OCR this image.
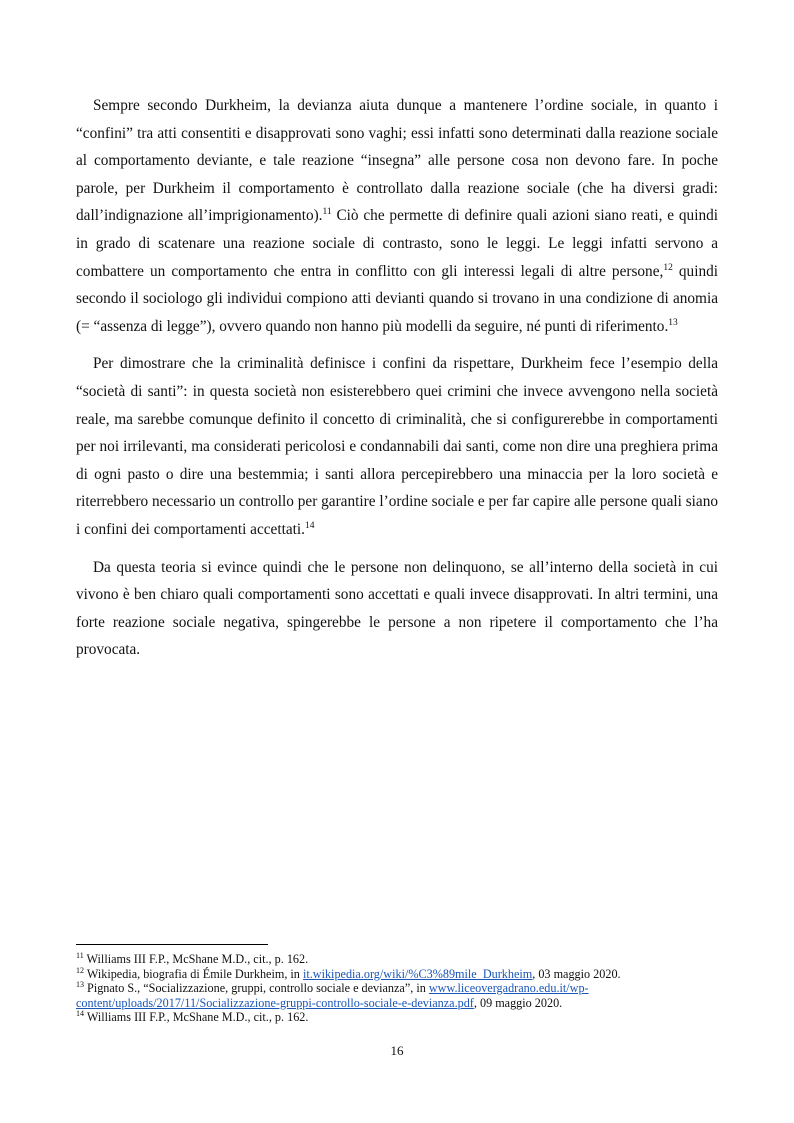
Sempre secondo Durkheim, la devianza aiuta dunque a mantenere l’ordine sociale, in quanto i “confini” tra atti consentiti e disapprovati sono vaghi; essi infatti sono determinati dalla reazione sociale al comportamento deviante, e tale reazione “insegna” alle persone cosa non devono fare. In poche parole, per Durkheim il comportamento è controllato dalla reazione sociale (che ha diversi gradi: dall’indignazione all’imprigionamento).$^{11}$ Ciò che permette di definire quali azioni siano reati, e quindi in grado di scatenare una reazione sociale di contrasto, sono le leggi. Le leggi infatti servono a combattere un comportamento che entra in conflitto con gli interessi legali di altre persone,$^{12}$ quindi secondo il sociologo gli individui compiono atti devianti quando si trovano in una condizione di anomia (= “assenza di legge”), ovvero quando non hanno più modelli da seguire, né punti di riferimento.$^{13}$

Per dimostrare che la criminalità definisce i confini da rispettare, Durkheim fece l’esempio della “società di santi”: in questa società non esisterebbero quei crimini che invece avvengono nella società reale, ma sarebbe comunque definito il concetto di criminalità, che si configurerebbe in comportamenti per noi irrilevanti, ma considerati pericolosi e condannabili dai santi, come non dire una preghiera prima di ogni pasto o dire una bestemmia; i santi allora percepirebbero una minaccia per la loro società e riterrebbero necessario un controllo per garantire l’ordine sociale e per far capire alle persone quali siano i confini dei comportamenti accettati.$^{14}$

Da questa teoria si evince quindi che le persone non delinquono, se all’interno della società in cui vivono è ben chiaro quali comportamenti sono accettati e quali invece disapprovati. In altri termini, una forte reazione sociale negativa, spingerebbe le persone a non ripetere il comportamento che l’ha provocata.

$^{11}$ Williams III F.P., McShane M.D., cit., p. 162.

$^{12}$ Wikipedia, biografia di Émile Durkheim, in it.wikipedia.org/wiki/%C3%89mile_Durkheim, 03 maggio 2020.

$^{13}$ Pignato S., “Socializzazione, gruppi, controllo sociale e devianza”, in www.liceovergadrano.edu.it/wp-content/uploads/2017/11/Socializzazione-gruppi-controllo-sociale-e-devianza.pdf, 09 maggio 2020.

$^{14}$ Williams III F.P., McShane M.D., cit., p. 162.

16
